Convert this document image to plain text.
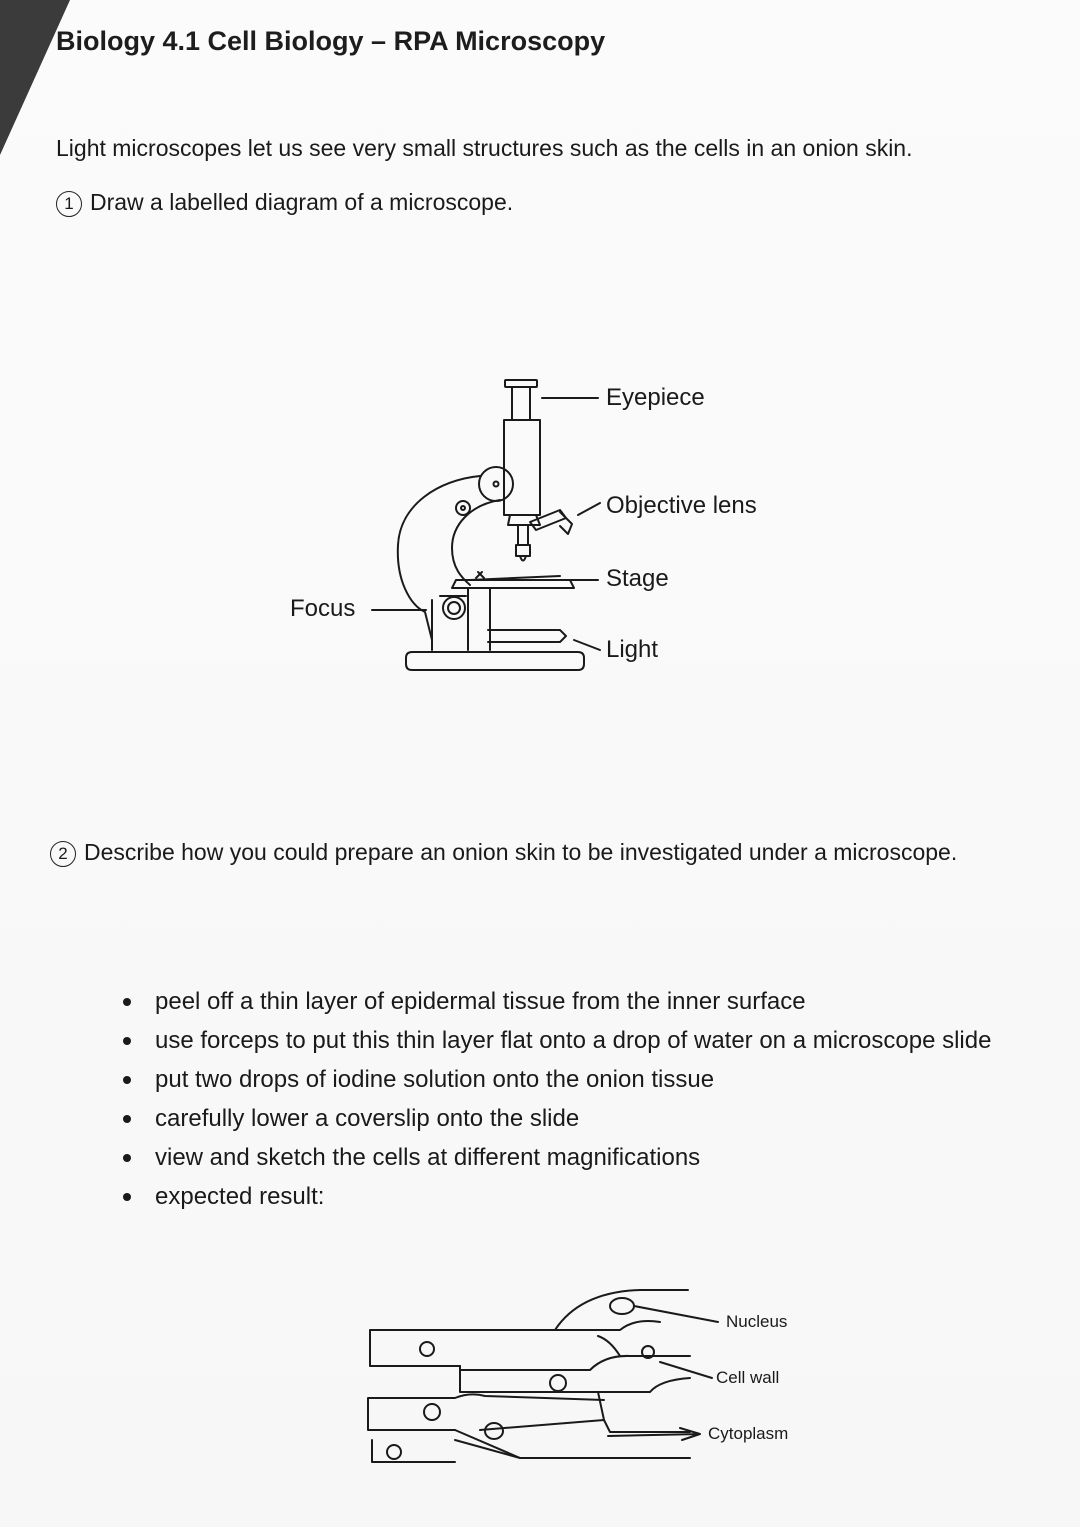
Biology 4.1 Cell Biology – RPA Microscopy
Light microscopes let us see very small structures such as the cells in an onion skin.
1 Draw a labelled diagram of a microscope.
Eyepiece
Objective lens
Stage
Focus
Light
2 Describe how you could prepare an onion skin to be investigated under a microscope.
peel off a thin layer of epidermal tissue from the inner surface
use forceps to put this thin layer flat onto a drop of water on a microscope slide
put two drops of iodine solution onto the onion tissue
carefully lower a coverslip onto the slide
view and sketch the cells at different magnifications
expected result:
Nucleus
Cell wall
Cytoplasm
